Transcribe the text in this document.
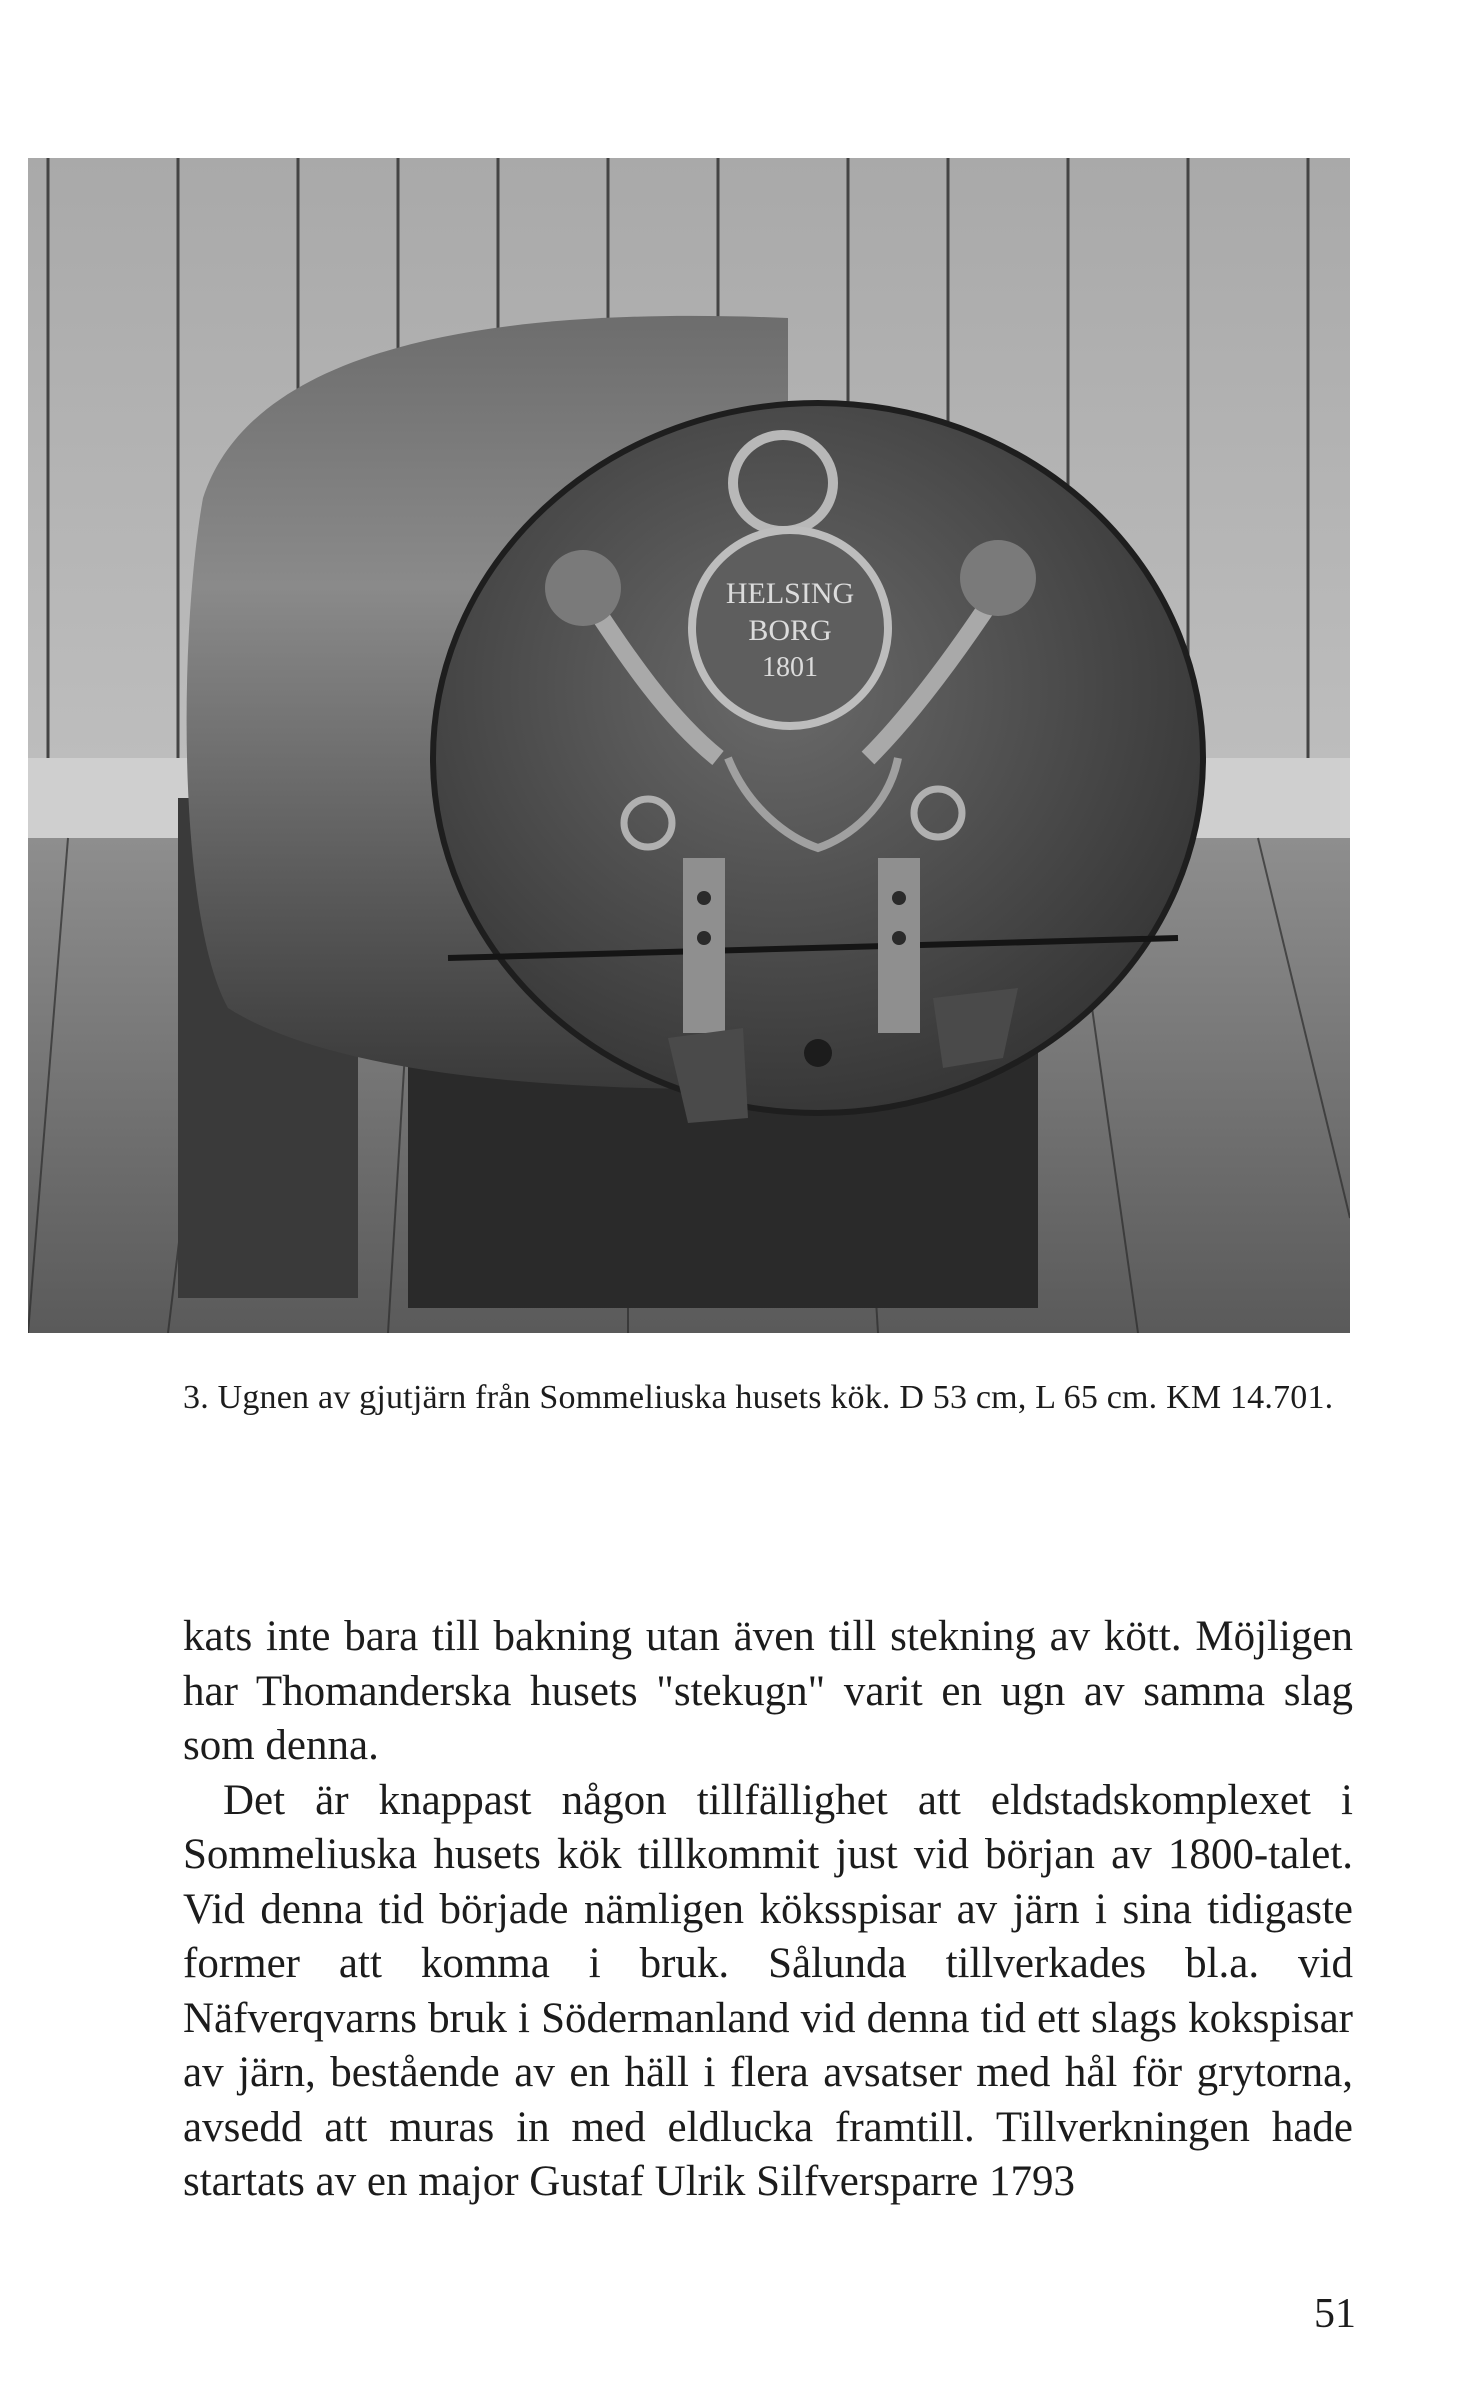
HELSING
BORG
1801

3. Ugnen av gjutjärn från Sommeliuska husets kök. D 53 cm, L 65 cm. KM 14.701.

kats inte bara till bakning utan även till stekning av kött. Möjligen har Thomanderska husets "stekugn" varit en ugn av samma slag som denna.

Det är knappast någon tillfällighet att eldstadskomplexet i Sommeliuska husets kök tillkommit just vid början av 1800-talet. Vid denna tid började nämligen köksspisar av järn i sina tidigaste former att komma i bruk. Sålunda tillverkades bl.a. vid Näfverqvarns bruk i Södermanland vid denna tid ett slags kokspisar av järn, bestående av en häll i flera avsatser med hål för grytorna, avsedd att muras in med eldlucka framtill. Tillverkningen hade startats av en major Gustaf Ulrik Silfversparre 1793

51
